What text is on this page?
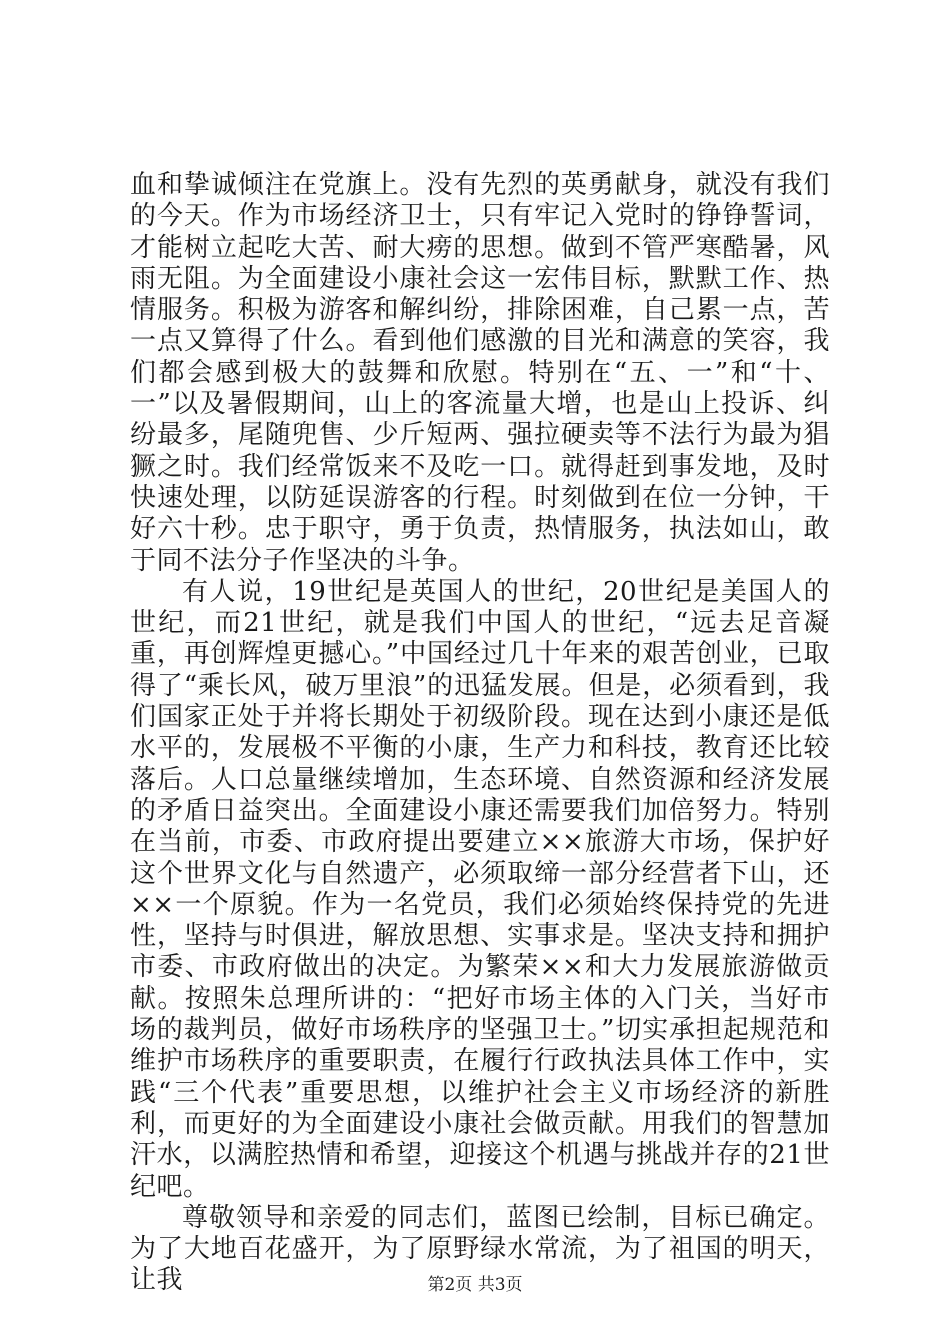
血和挚诚倾注在党旗上。没有先烈的英勇献身，就没有我们的今天。作为市场经济卫士，只有牢记入党时的铮铮誓词，才能树立起吃大苦、耐大痨的思想。做到不管严寒酷暑，风雨无阻。为全面建设小康社会这一宏伟目标，默默工作、热情服务。积极为游客和解纠纷，排除困难，自己累一点，苦一点又算得了什么。看到他们感激的目光和满意的笑容，我们都会感到极大的鼓舞和欣慰。特别在“五、一”和“十、一”以及暑假期间，山上的客流量大增，也是山上投诉、纠纷最多，尾随兜售、少斤短两、强拉硬卖等不法行为最为猖獗之时。我们经常饭来不及吃一口。就得赶到事发地，及时快速处理，以防延误游客的行程。时刻做到在位一分钟，干好六十秒。忠于职守，勇于负责，热情服务，执法如山，敢于同不法分子作坚决的斗争。

有人说，19世纪是英国人的世纪，20世纪是美国人的世纪，而21世纪，就是我们中国人的世纪，“远去足音凝重，再创辉煌更撼心。”中国经过几十年来的艰苦创业，已取得了“乘长风，破万里浪”的迅猛发展。但是，必须看到，我们国家正处于并将长期处于初级阶段。现在达到小康还是低水平的，发展极不平衡的小康，生产力和科技，教育还比较落后。人口总量继续增加，生态环境、自然资源和经济发展的矛盾日益突出。全面建设小康还需要我们加倍努力。特别在当前，市委、市政府提出要建立××旅游大市场，保护好这个世界文化与自然遗产，必须取缔一部分经营者下山，还××一个原貌。作为一名党员，我们必须始终保持党的先进性，坚持与时俱进，解放思想、实事求是。坚决支持和拥护市委、市政府做出的决定。为繁荣××和大力发展旅游做贡献。按照朱总理所讲的：“把好市场主体的入门关，当好市场的裁判员，做好市场秩序的坚强卫士。”切实承担起规范和维护市场秩序的重要职责，在履行行政执法具体工作中，实践“三个代表”重要思想，以维护社会主义市场经济的新胜利，而更好的为全面建设小康社会做贡献。用我们的智慧加汗水，以满腔热情和希望，迎接这个机遇与挑战并存的21世纪吧。

尊敬领导和亲爱的同志们，蓝图已绘制，目标已确定。为了大地百花盛开，为了原野绿水常流，为了祖国的明天，让我	第2页 共3页
